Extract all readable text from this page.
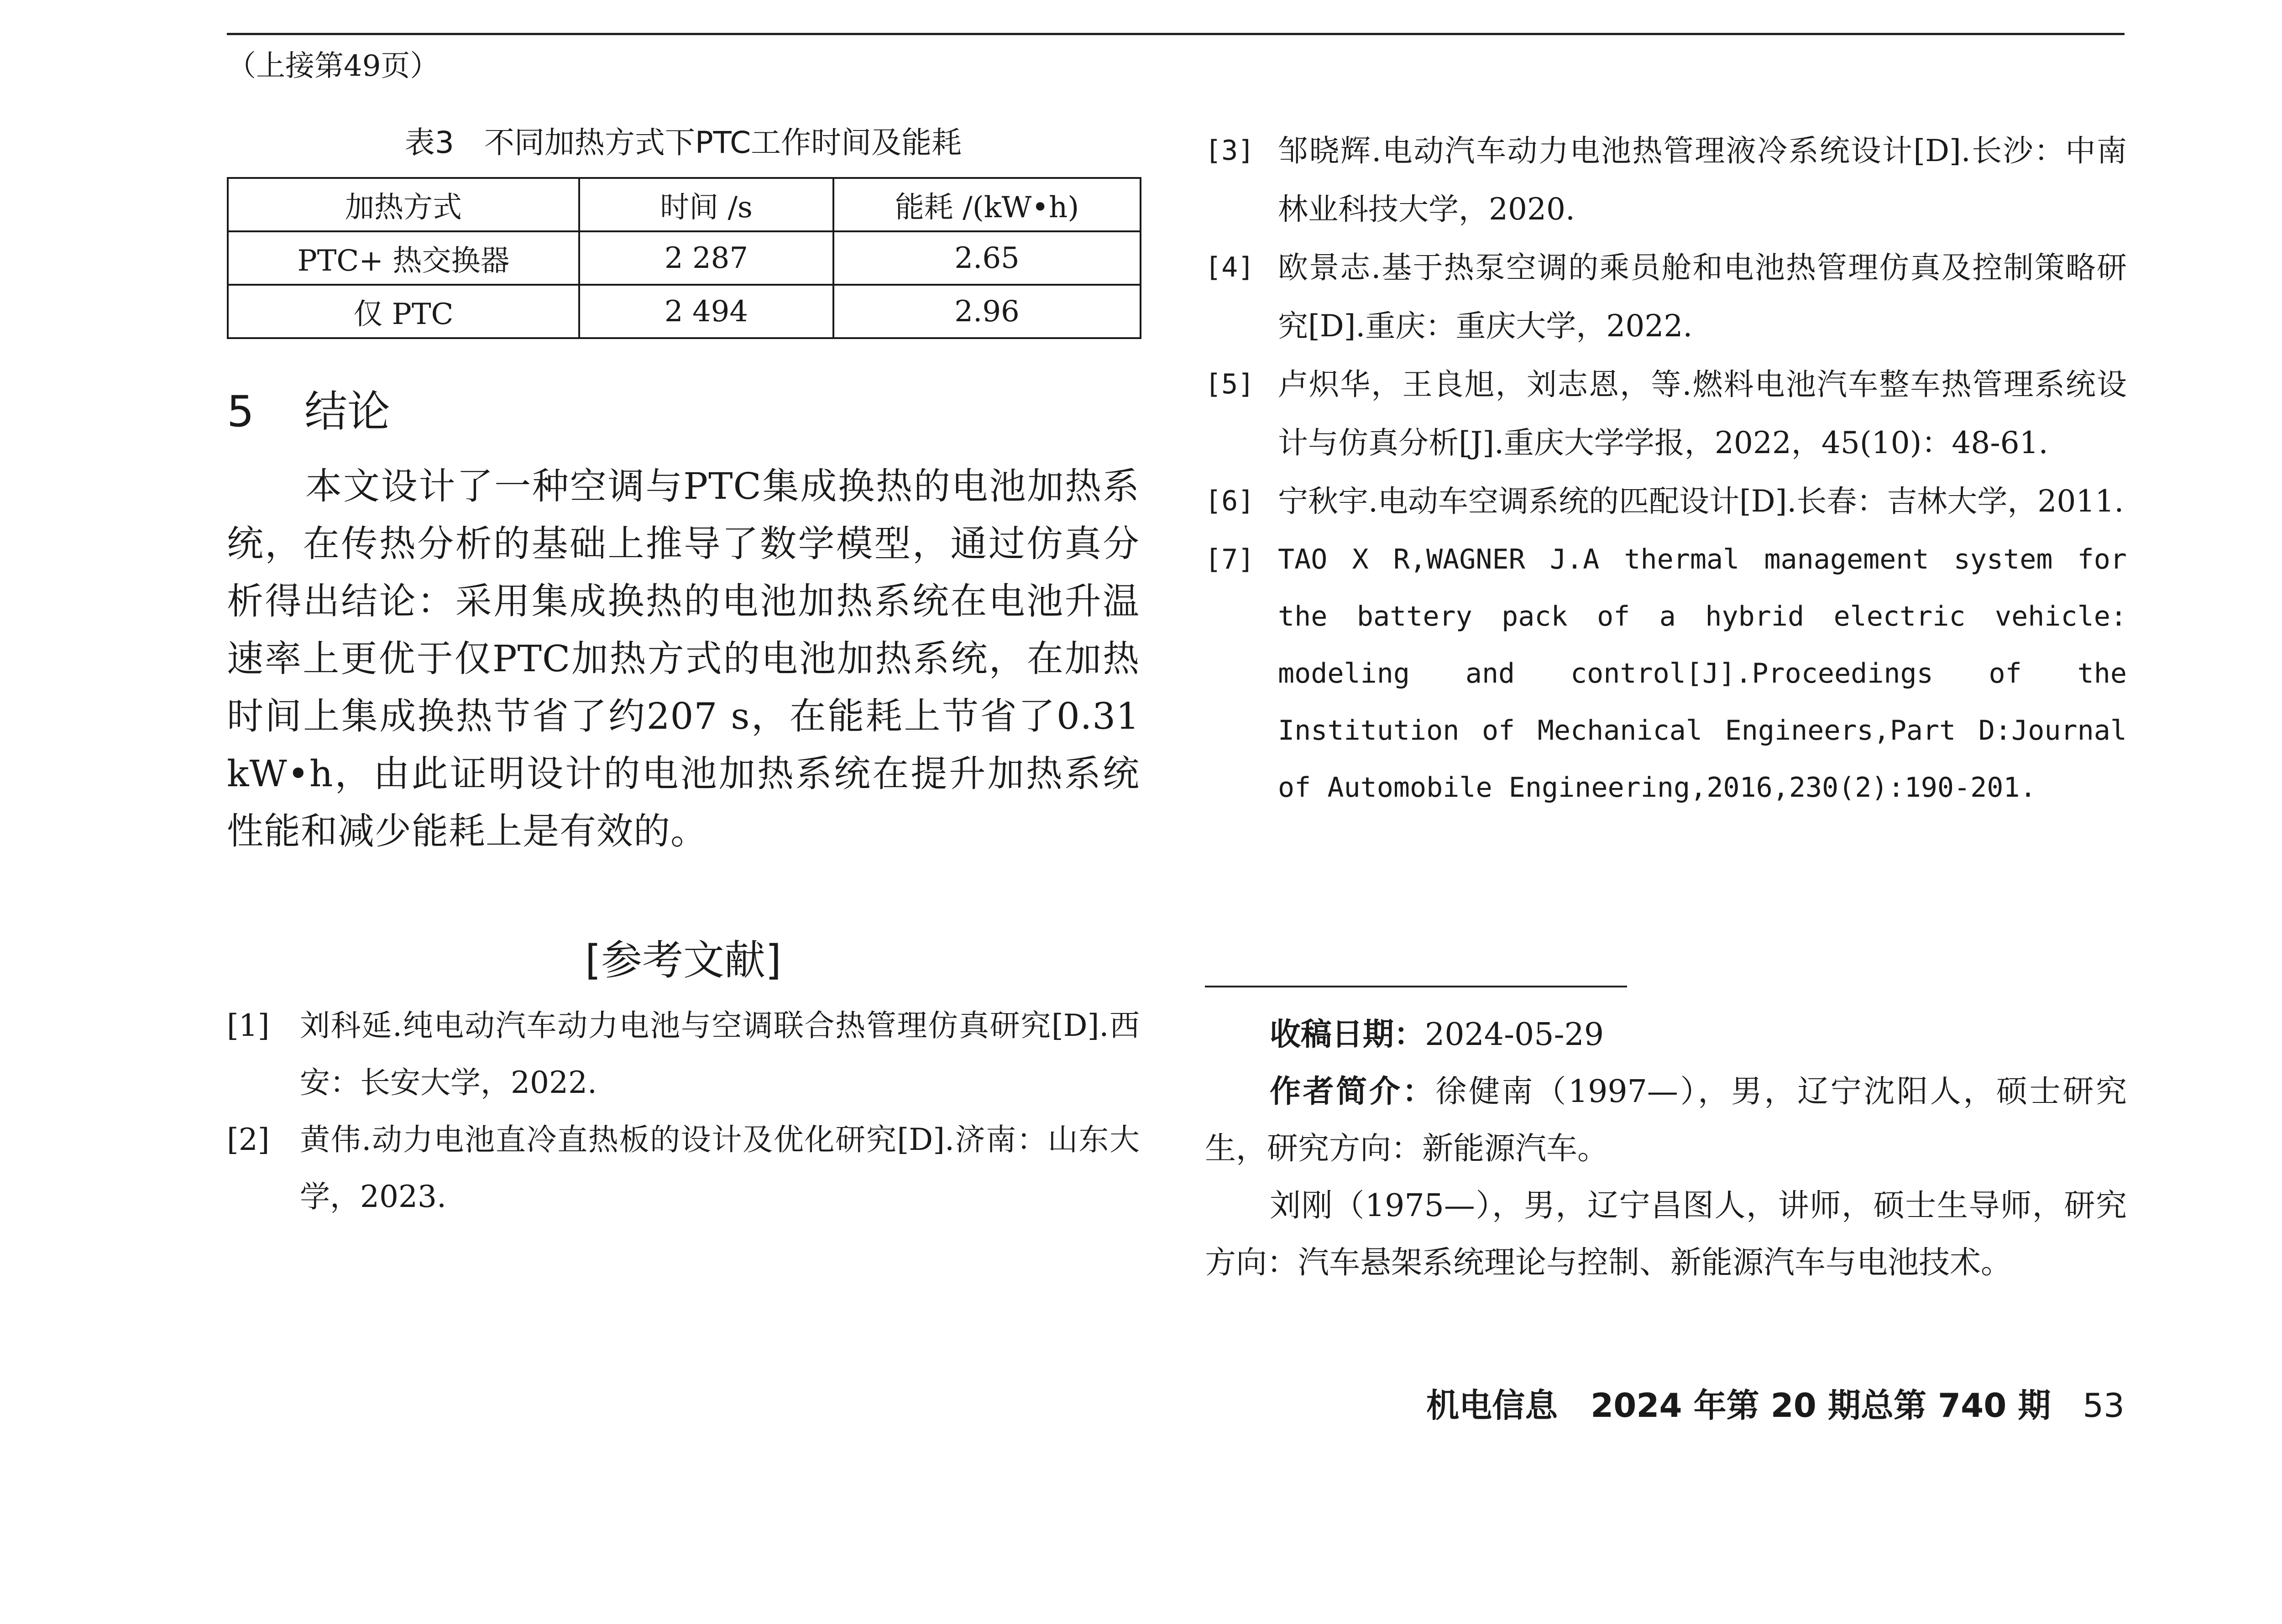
（上接第49页）
表3　不同加热方式下PTC工作时间及能耗
加热方式	时间 /s	能耗 /(kW•h)
PTC+ 热交换器	2 287	2.65
仅 PTC	2 494	2.96
5 结论

本文设计了一种空调与PTC集成换热的电池加热系统，在传热分析的基础上推导了数学模型，通过仿真分析得出结论：采用集成换热的电池加热系统在电池升温速率上更优于仅PTC加热方式的电池加热系统，在加热时间上集成换热节省了约207 s，在能耗上节省了0.31 kW•h，由此证明设计的电池加热系统在提升加热系统性能和减少能耗上是有效的。

[参考文献]
[1] 刘科延.纯电动汽车动力电池与空调联合热管理仿真研究[D].西安：长安大学，2022.
[2] 黄伟.动力电池直冷直热板的设计及优化研究[D].济南：山东大学，2023.
[3] 邹晓辉.电动汽车动力电池热管理液冷系统设计[D].长沙：中南林业科技大学，2020.
[4] 欧景志.基于热泵空调的乘员舱和电池热管理仿真及控制策略研究[D].重庆：重庆大学，2022.
[5] 卢炽华，王良旭，刘志恩，等.燃料电池汽车整车热管理系统设计与仿真分析[J].重庆大学学报，2022，45(10)：48-61.
[6] 宁秋宇.电动车空调系统的匹配设计[D].长春：吉林大学，2011.
[7] TAO X R,WAGNER J.A thermal management system for the battery pack of a hybrid electric vehicle: modeling and control[J].Proceedings of the Institution of Mechanical Engineers,Part D:Journal of Automobile Engineering,2016,230(2):190-201.

收稿日期：2024-05-29

作者简介：徐健南（1997—），男，辽宁沈阳人，硕士研究生，研究方向：新能源汽车。

刘刚（1975—），男，辽宁昌图人，讲师，硕士生导师，研究方向：汽车悬架系统理论与控制、新能源汽车与电池技术。

机电信息　2024 年第 20 期总第 740 期 53
